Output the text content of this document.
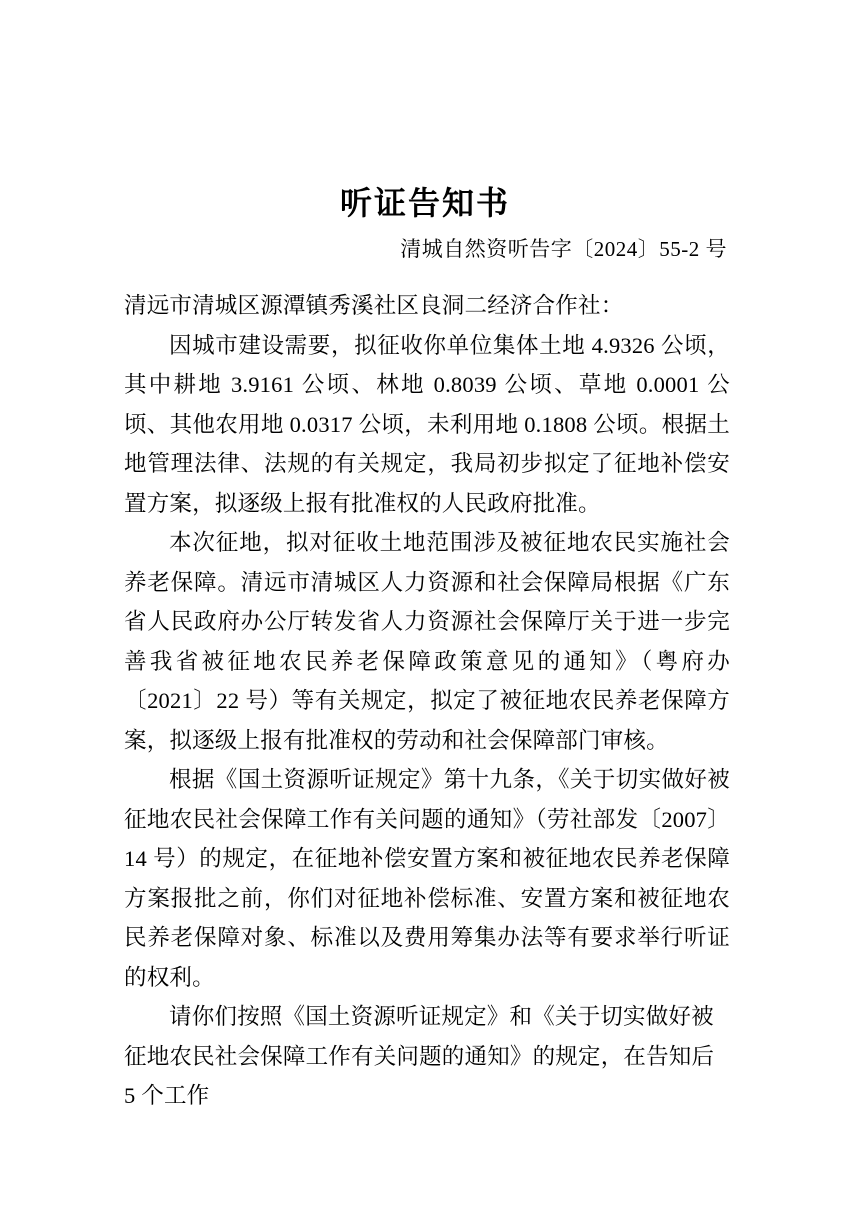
听证告知书
清城自然资听告字〔2024〕55-2 号

清远市清城区源潭镇秀溪社区良洞二经济合作社：

因城市建设需要，拟征收你单位集体土地 4.9326 公顷，其中耕地 3.9161 公顷、林地 0.8039 公顷、草地 0.0001 公顷、其他农用地 0.0317 公顷，未利用地 0.1808 公顷。根据土地管理法律、法规的有关规定，我局初步拟定了征地补偿安置方案，拟逐级上报有批准权的人民政府批准。

本次征地，拟对征收土地范围涉及被征地农民实施社会养老保障。清远市清城区人力资源和社会保障局根据《广东省人民政府办公厅转发省人力资源社会保障厅关于进一步完善我省被征地农民养老保障政策意见的通知》（粤府办〔2021〕22 号）等有关规定，拟定了被征地农民养老保障方案，拟逐级上报有批准权的劳动和社会保障部门审核。

根据《国土资源听证规定》第十九条，《关于切实做好被征地农民社会保障工作有关问题的通知》（劳社部发〔2007〕14 号）的规定，在征地补偿安置方案和被征地农民养老保障方案报批之前，你们对征地补偿标准、安置方案和被征地农民养老保障对象、标准以及费用筹集办法等有要求举行听证的权利。

请你们按照《国土资源听证规定》和《关于切实做好被征地农民社会保障工作有关问题的通知》的规定，在告知后 5 个工作
